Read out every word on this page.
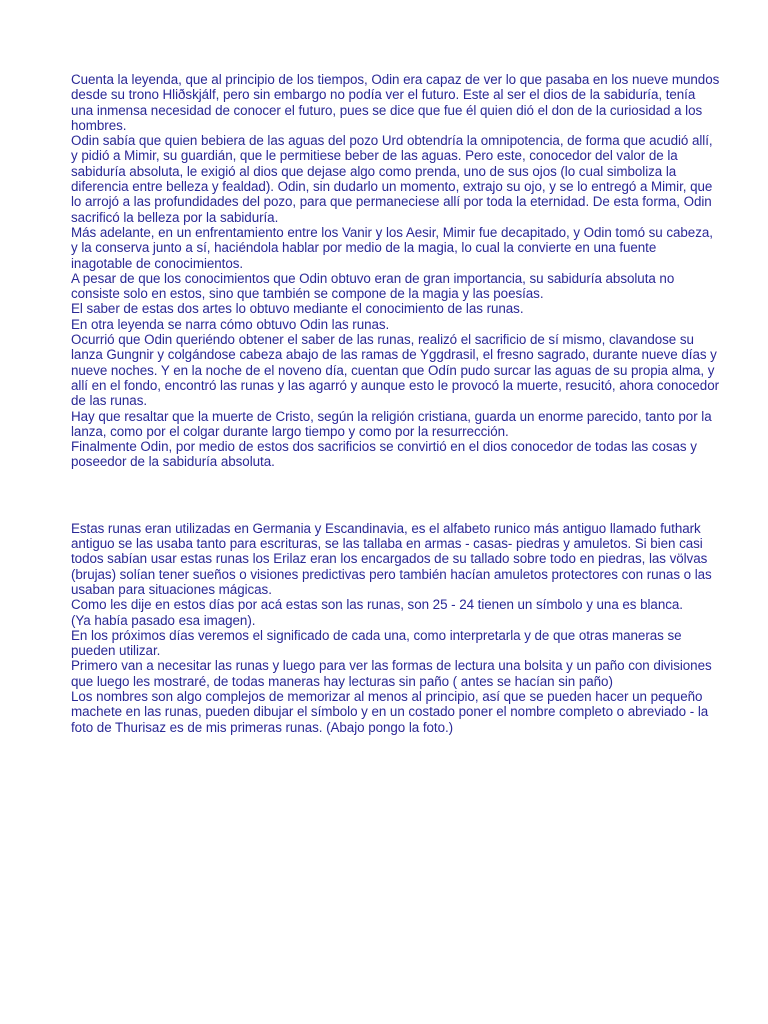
Cuenta la leyenda, que al principio de los tiempos, Odin era capaz de ver lo que pasaba en los nueve mundos desde su trono Hliðskjálf, pero sin embargo no podía ver el futuro. Este al ser el dios de la sabiduría, tenía una inmensa necesidad de conocer el futuro, pues se dice que fue él quien dió el don de la curiosidad a los hombres.

Odin sabía que quien bebiera de las aguas del pozo Urd obtendría la omnipotencia, de forma que acudió allí, y pidió a Mimir, su guardián, que le permitiese beber de las aguas. Pero este, conocedor del valor de la sabiduría absoluta, le exigió al dios que dejase algo como prenda, uno de sus ojos (lo cual simboliza la diferencia entre belleza y fealdad). Odin, sin dudarlo un momento, extrajo su ojo, y se lo entregó a Mimir, que lo arrojó a las profundidades del pozo, para que permaneciese allí por toda la eternidad. De esta forma, Odin sacrificó la belleza por la sabiduría.

Más adelante, en un enfrentamiento entre los Vanir y los Aesir, Mimir fue decapitado, y Odin tomó su cabeza, y la conserva junto a sí, haciéndola hablar por medio de la magia, lo cual la convierte en una fuente inagotable de conocimientos.

A pesar de que los conocimientos que Odin obtuvo eran de gran importancia, su sabiduría absoluta no consiste solo en estos, sino que también se compone de la magia y las poesías.

El saber de estas dos artes lo obtuvo mediante el conocimiento de las runas.

En otra leyenda se narra cómo obtuvo Odin las runas.

Ocurrió que Odin queriéndo obtener el saber de las runas, realizó el sacrificio de sí mismo, clavandose su lanza Gungnir y colgándose cabeza abajo de las ramas de Yggdrasil, el fresno sagrado, durante nueve días y nueve noches. Y en la noche de el noveno día, cuentan que Odín pudo surcar las aguas de su propia alma, y allí en el fondo, encontró las runas y las agarró y aunque esto le provocó la muerte, resucitó, ahora conocedor de las runas.

Hay que resaltar que la muerte de Cristo, según la religión cristiana, guarda un enorme parecido, tanto por la lanza, como por el colgar durante largo tiempo y como por la resurrección.

Finalmente Odin, por medio de estos dos sacrificios se convirtió en el dios conocedor de todas las cosas y poseedor de la sabiduría absoluta.

Estas runas eran utilizadas en Germania y Escandinavia, es el alfabeto runico más antiguo llamado futhark antiguo se las usaba tanto para escrituras, se las tallaba en armas - casas- piedras y amuletos. Si bien casi todos sabían usar estas runas los Erilaz eran los encargados de su tallado sobre todo en piedras, las völvas (brujas) solían tener sueños o visiones predictivas pero también hacían amuletos protectores con runas o las usaban para situaciones mágicas.

Como les dije en estos días por acá estas son las runas, son 25 - 24 tienen un símbolo y una es blanca.

(Ya había pasado esa imagen).

En los próximos días veremos el significado de cada una, como interpretarla y de que otras maneras se pueden utilizar.

Primero van a necesitar las runas y luego para ver las formas de lectura una bolsita y un paño con divisiones que luego les mostraré, de todas maneras hay lecturas sin paño ( antes se hacían sin paño)

Los nombres son algo complejos de memorizar al menos al principio, así que se pueden hacer un pequeño machete en las runas, pueden dibujar el símbolo y en un costado poner el nombre completo o abreviado - la foto de Thurisaz es de mis primeras runas. (Abajo pongo la foto.)
